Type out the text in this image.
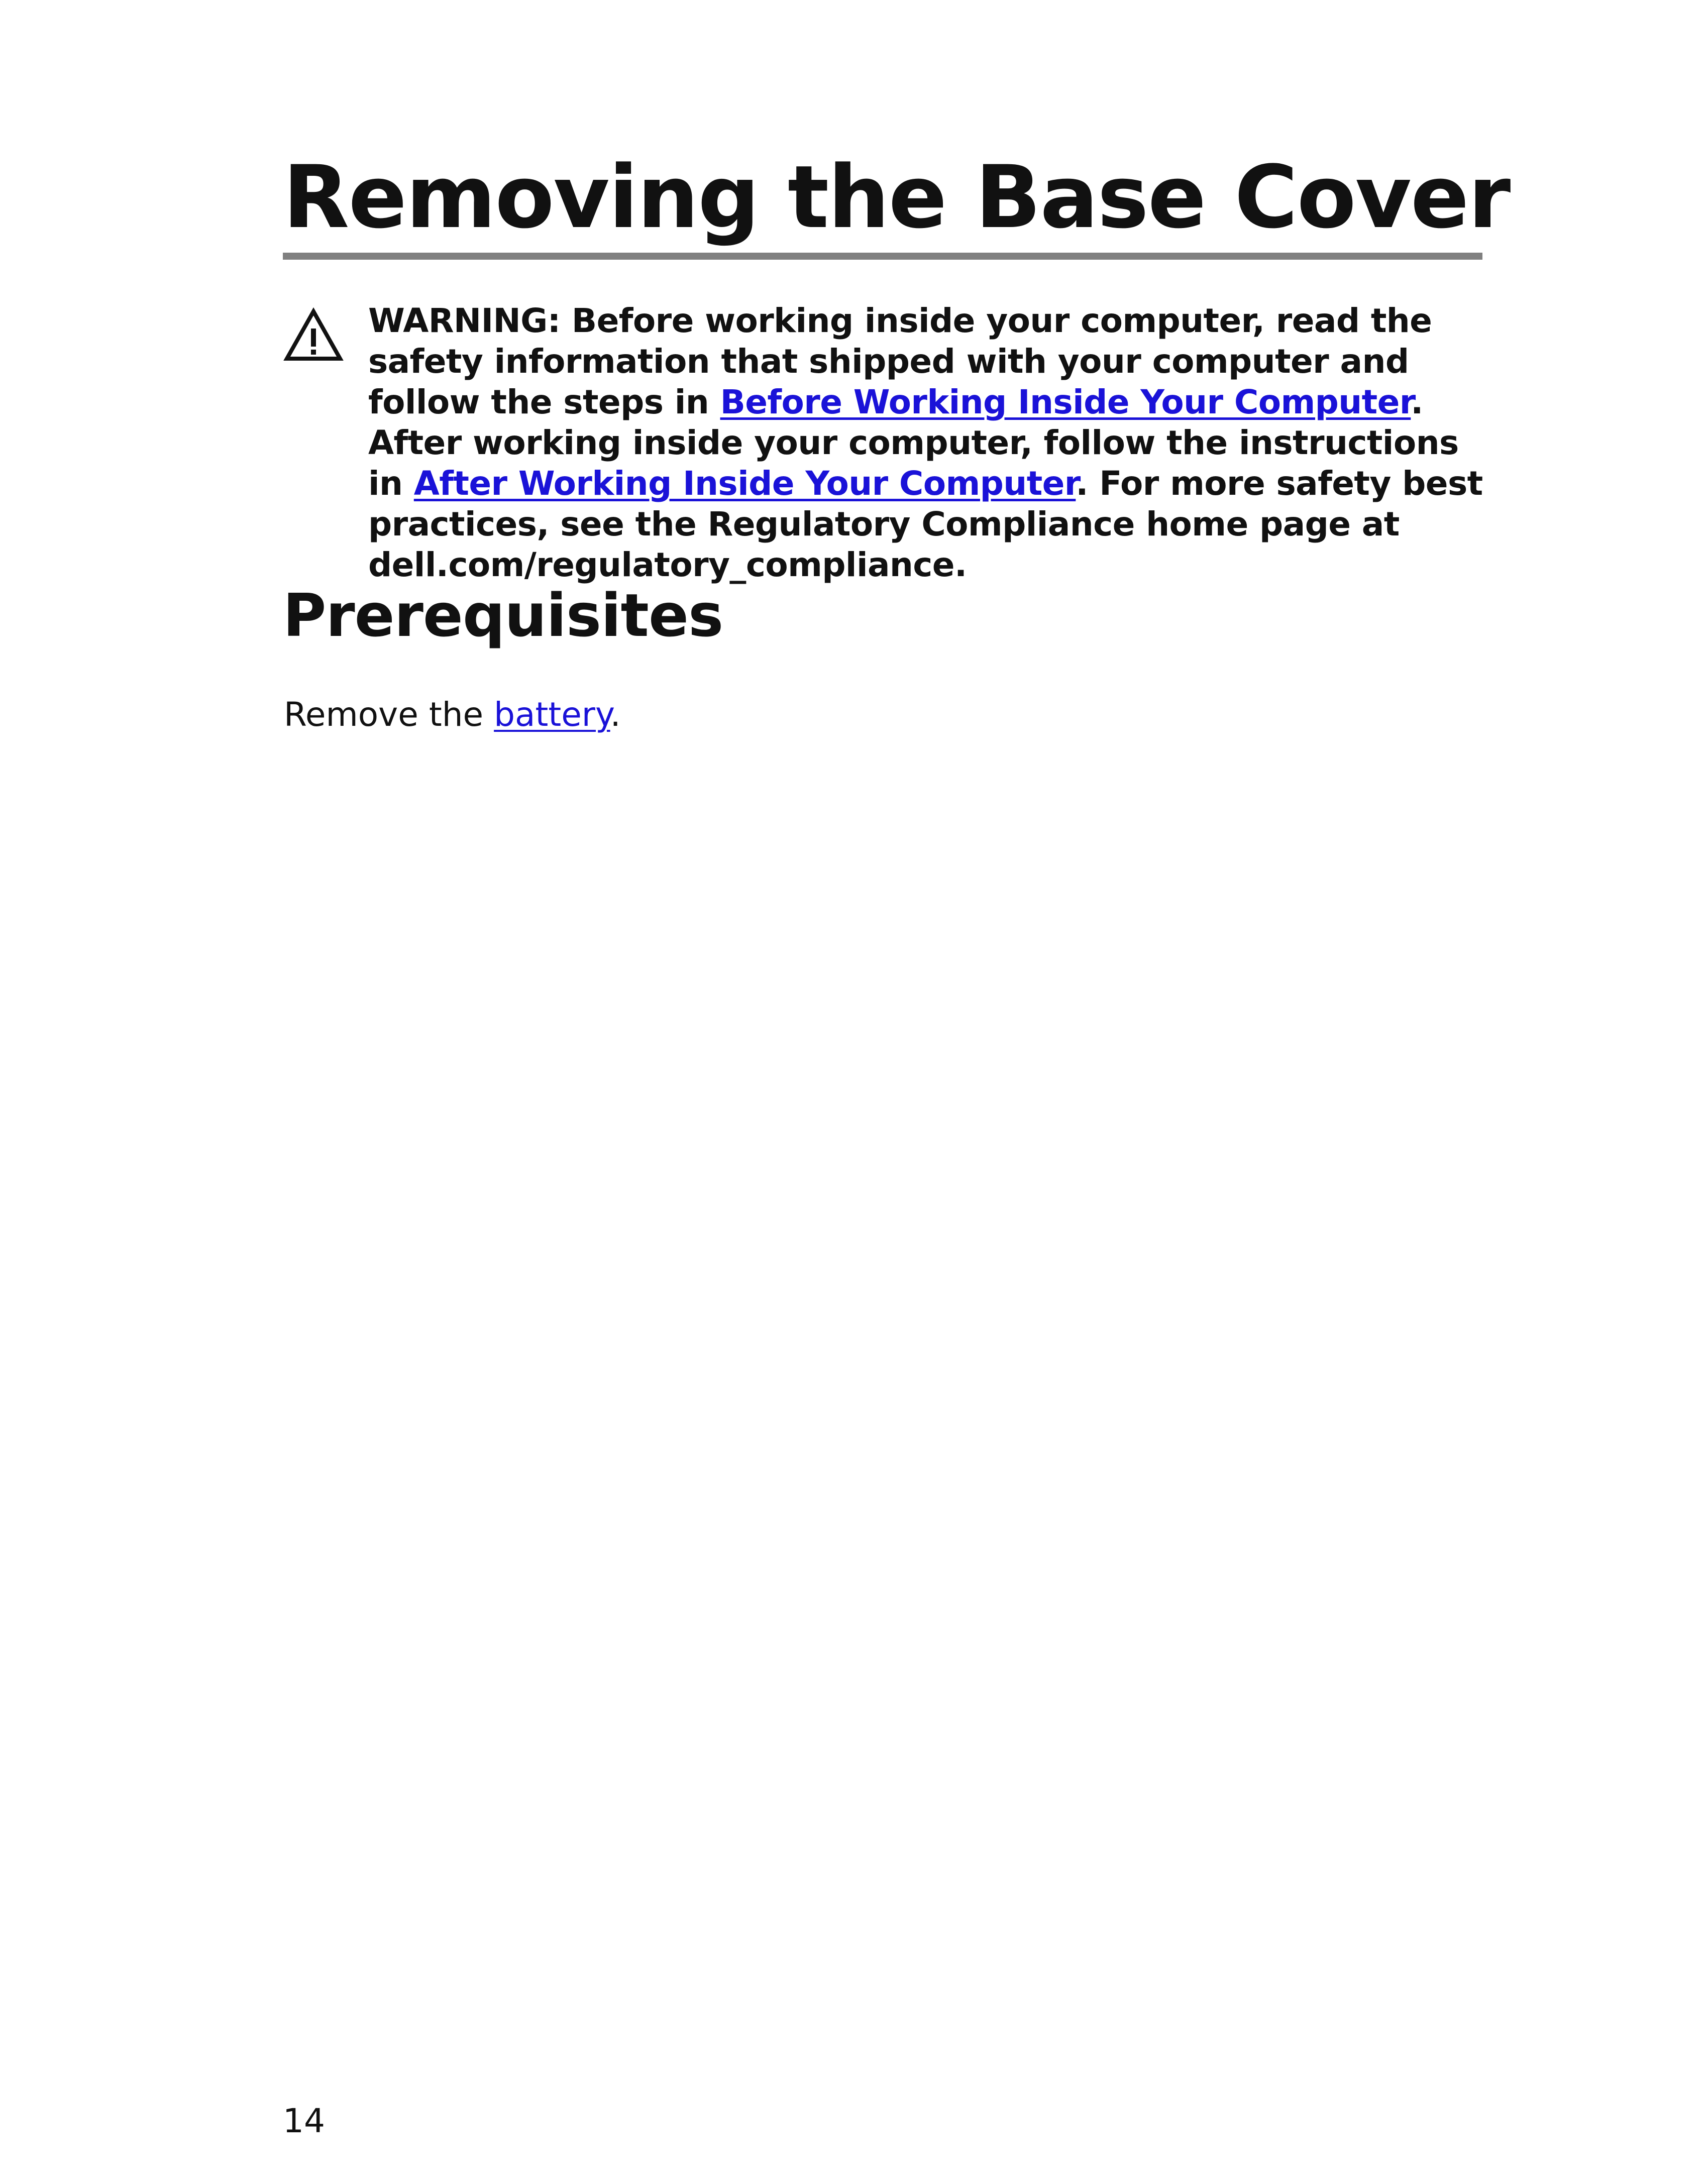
Removing the Base Cover

WARNING: Before working inside your computer, read the safety information that shipped with your computer and follow the steps in Before Working Inside Your Computer. After working inside your computer, follow the instructions in After Working Inside Your Computer. For more safety best practices, see the Regulatory Compliance home page at dell.com/regulatory_compliance.

Prerequisites

Remove the battery.

14
